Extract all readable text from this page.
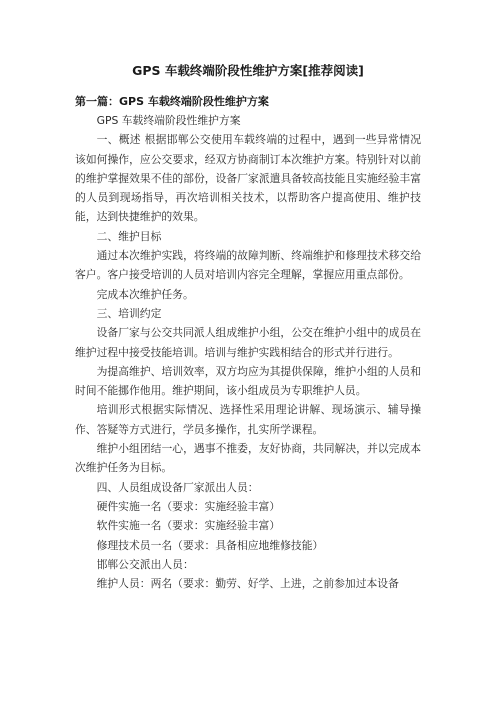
GPS 车载终端阶段性维护方案[推荐阅读]
第一篇：GPS 车载终端阶段性维护方案

GPS 车载终端阶段性维护方案

一、概述 根据邯郸公交使用车载终端的过程中，遇到一些异常情况该如何操作，应公交要求，经双方协商制订本次维护方案。特别针对以前的维护掌握效果不佳的部份，设备厂家派遣具备较高技能且实施经验丰富的人员到现场指导，再次培训相关技术，以帮助客户提高使用、维护技能，达到快捷维护的效果。

二、维护目标

通过本次维护实践，将终端的故障判断、终端维护和修理技术移交给客户。客户接受培训的人员对培训内容完全理解，掌握应用重点部份。

完成本次维护任务。

三、培训约定

设备厂家与公交共同派人组成维护小组，公交在维护小组中的成员在维护过程中接受技能培训。培训与维护实践相结合的形式并行进行。

为提高维护、培训效率，双方均应为其提供保障，维护小组的人员和时间不能挪作他用。维护期间，该小组成员为专职维护人员。

培训形式根据实际情况、选择性采用理论讲解、现场演示、辅导操作、答疑等方式进行，学员多操作，扎实所学课程。

维护小组团结一心，遇事不推委，友好协商，共同解决，并以完成本次维护任务为目标。

四、人员组成设备厂家派出人员：

硬件实施一名（要求：实施经验丰富）

软件实施一名（要求：实施经验丰富）

修理技术员一名（要求：具备相应地维修技能）

邯郸公交派出人员：

维护人员：两名（要求：勤劳、好学、上进，之前参加过本设备
